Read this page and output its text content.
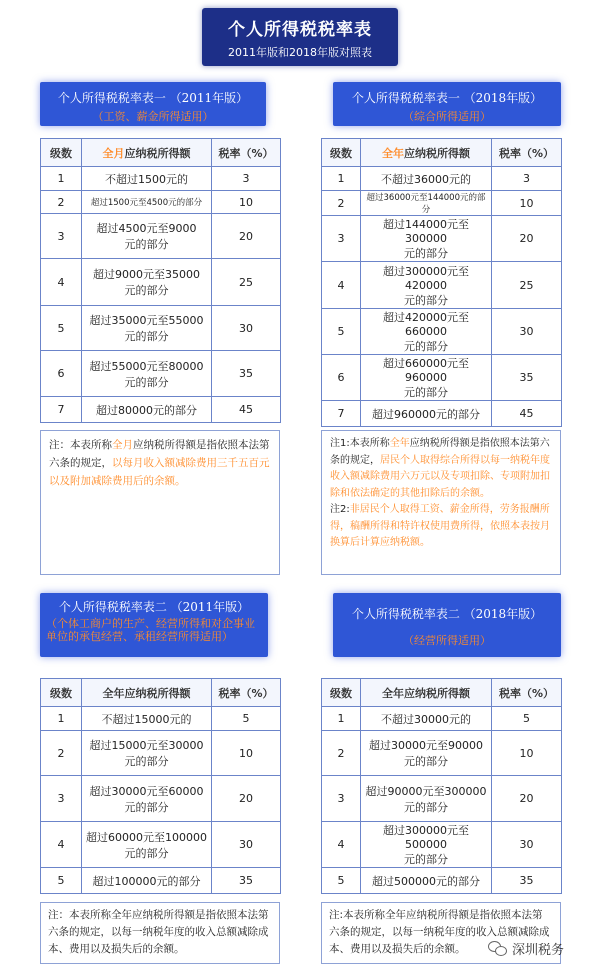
个人所得税税率表
2011年版和2018年版对照表
个人所得税税率表一 （2011年版）
（工资、薪金所得适用）
级数	全月应纳税所得额	税率（%）
1	不超过1500元的	3
2	超过1500元至4500元的部分	10
3	超过4500元至9000
元的部分	20
4	超过9000元至35000
元的部分	25
5	超过35000元至55000
元的部分	30
6	超过55000元至80000
元的部分	35
7	超过80000元的部分	45
注：本表所称全月应纳税所得额是指依照本法第六条的规定，以每月收入额减除费用三千五百元以及附加减除费用后的余额。
个人所得税税率表一 （2018年版）
（综合所得适用）
级数	全年应纳税所得额	税率（%）
1	不超过36000元的	3
2	超过36000元至144000元的部分	10
3	超过144000元至300000
元的部分	20
4	超过300000元至420000
元的部分	25
5	超过420000元至660000
元的部分	30
6	超过660000元至960000
元的部分	35
7	超过960000元的部分	45
注1:本表所称全年应纳税所得额是指依照本法第六条的规定，居民个人取得综合所得以每一纳税年度收入额减除费用六万元以及专项扣除、专项附加扣除和依法确定的其他扣除后的余额。
注2:非居民个人取得工资、薪金所得，劳务报酬所得，稿酬所得和特许权使用费所得，依照本表按月换算后计算应纳税额。
个人所得税税率表二 （2011年版）
（个体工商户的生产、经营所得和对企事业单位的承包经营、承租经营所得适用）
级数	全年应纳税所得额	税率（%）
1	不超过15000元的	5
2	超过15000元至30000
元的部分	10
3	超过30000元至60000
元的部分	20
4	超过60000元至100000
元的部分	30
5	超过100000元的部分	35
注：本表所称全年应纳税所得额是指依照本法第六条的规定，以每一纳税年度的收入总额减除成本、费用以及损失后的余额。
个人所得税税率表二 （2018年版）
（经营所得适用）
级数	全年应纳税所得额	税率（%）
1	不超过30000元的	5
2	超过30000元至90000
元的部分	10
3	超过90000元至300000
元的部分	20
4	超过300000元至500000
元的部分	30
5	超过500000元的部分	35
注:本表所称全年应纳税所得额是指依照本法第六条的规定，以每一纳税年度的收入总额减除成本、费用以及损失后的余额。	深圳税务
